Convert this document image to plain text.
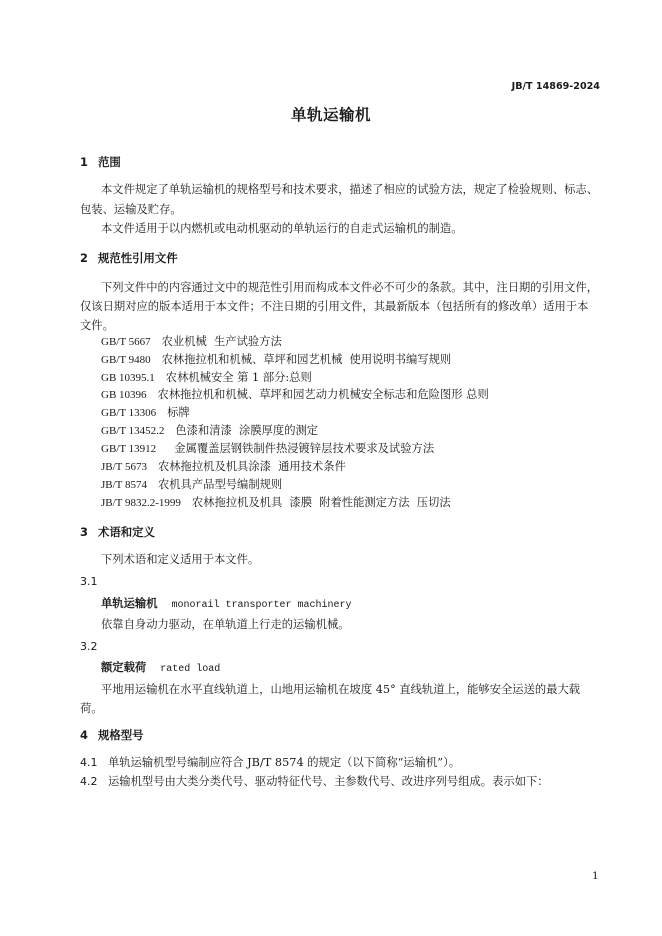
JB/T 14869-2024
单轨运输机
1 范围
本文件规定了单轨运输机的规格型号和技术要求，描述了相应的试验方法，规定了检验规则、标志、
包装、运输及贮存。
本文件适用于以内燃机或电动机驱动的单轨运行的自走式运输机的制造。
2 规范性引用文件
下列文件中的内容通过文中的规范性引用而构成本文件必不可少的条款。其中，注日期的引用文件，
仅该日期对应的版本适用于本文件；不注日期的引用文件，其最新版本（包括所有的修改单）适用于本
文件。
GB/T 5667 农业机械  生产试验方法
GB/T 9480 农林拖拉机和机械、草坪和园艺机械  使用说明书编写规则
GB 10395.1 农林机械安全 第 1 部分:总则
GB 10396 农林拖拉机和机械、草坪和园艺动力机械安全标志和危险图形 总则
GB/T 13306 标牌
GB/T 13452.2 色漆和清漆  涂膜厚度的测定
GB/T 13912 金属覆盖层钢铁制件热浸镀锌层技术要求及试验方法
JB/T 5673 农林拖拉机及机具涂漆  通用技术条件
JB/T 8574 农机具产品型号编制规则
JB/T 9832.2-1999 农林拖拉机及机具  漆膜  附着性能测定方法  压切法
3 术语和定义
下列术语和定义适用于本文件。
3.1
单轨运输机 monorail transporter machinery
依靠自身动力驱动，在单轨道上行走的运输机械。
3.2
额定载荷 rated load
平地用运输机在水平直线轨道上，山地用运输机在坡度 45° 直线轨道上，能够安全运送的最大载
荷。
4 规格型号
4.1 单轨运输机型号编制应符合 JB/T 8574 的规定（以下简称“运输机”）。
4.2 运输机型号由大类分类代号、驱动特征代号、主参数代号、改进序列号组成。表示如下：
1
